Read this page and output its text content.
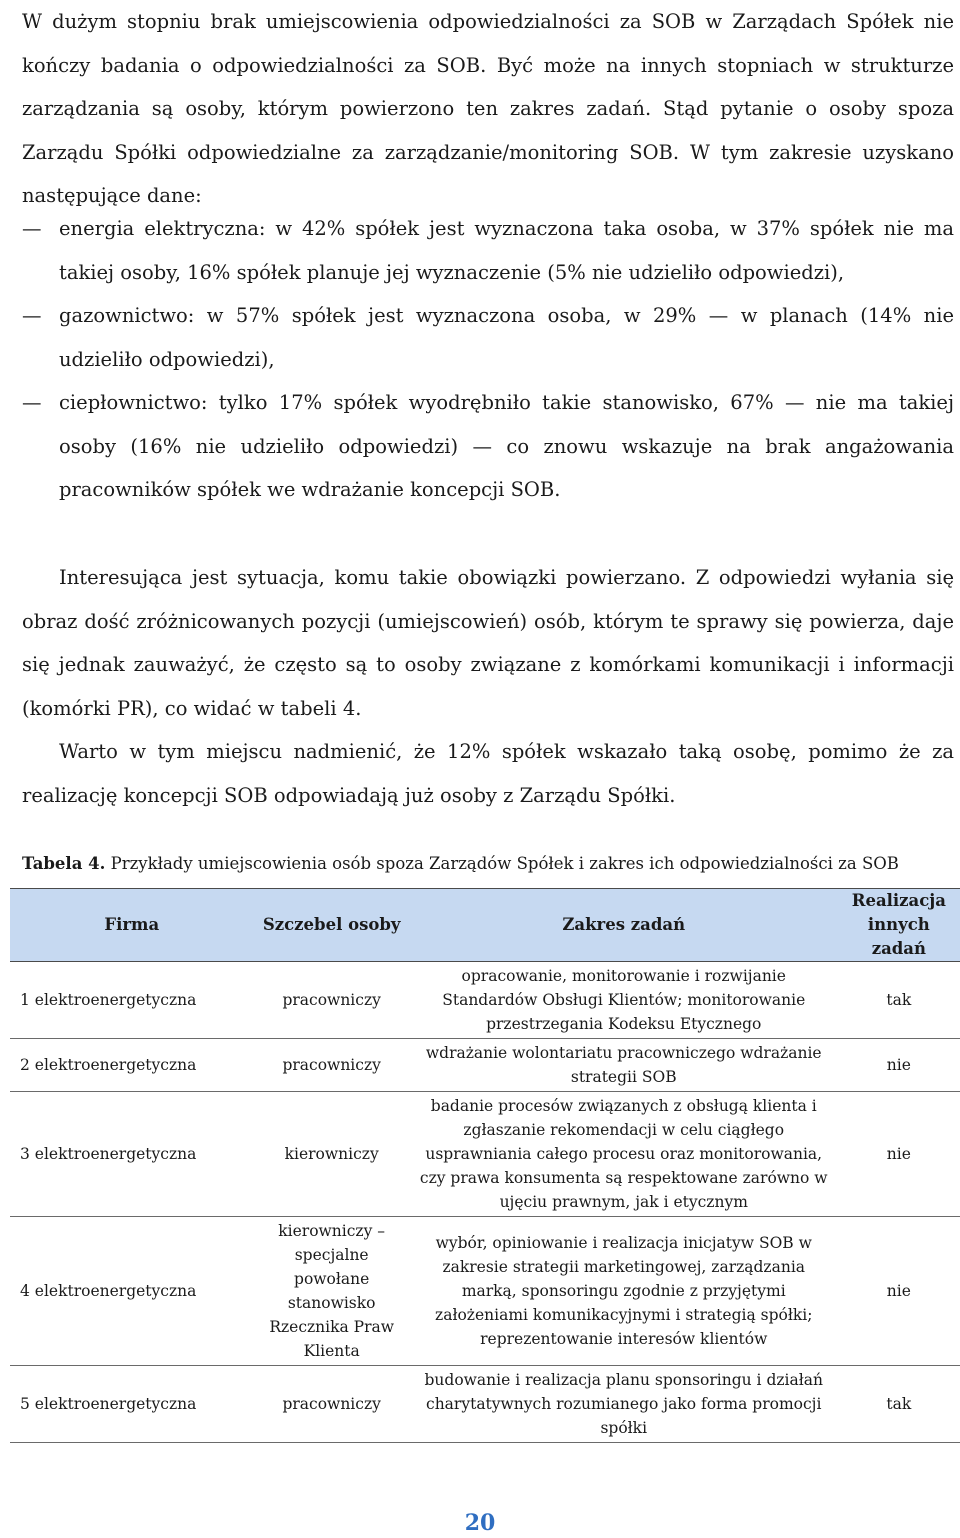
W dużym stopniu brak umiejscowienia odpowiedzialności za SOB w Zarządach Spółek nie kończy badania o odpowiedzialności za SOB. Być może na innych stopniach w strukturze zarządzania są osoby, którym powierzono ten zakres zadań. Stąd pytanie o osoby spoza Zarządu Spółki odpowiedzialne za zarządzanie/monitoring SOB. W tym zakresie uzyskano następujące dane:

— energia elektryczna: w 42% spółek jest wyznaczona taka osoba, w 37% spółek nie ma takiej osoby, 16% spółek planuje jej wyznaczenie (5% nie udzieliło odpowiedzi),
— gazownictwo: w 57% spółek jest wyznaczona osoba, w 29% — w planach (14% nie udzieliło odpowiedzi),
— ciepłownictwo: tylko 17% spółek wyodrębniło takie stanowisko, 67% — nie ma takiej osoby (16% nie udzieliło odpowiedzi) — co znowu wskazuje na brak angażowania pracowników spółek we wdrażanie koncepcji SOB.

Interesująca jest sytuacja, komu takie obowiązki powierzano. Z odpowiedzi wyłania się obraz dość zróżnicowanych pozycji (umiejscowień) osób, którym te sprawy się powierza, daje się jednak zauważyć, że często są to osoby związane z komórkami komunikacji i informacji (komórki PR), co widać w tabeli 4.

Warto w tym miejscu nadmienić, że 12% spółek wskazało taką osobę, pomimo że za realizację koncepcji SOB odpowiadają już osoby z Zarządu Spółki.

Tabela 4. Przykłady umiejscowienia osób spoza Zarządów Spółek i zakres ich odpowiedzialności za SOB
Firma	Szczebel osoby	Zakres zadań	Realizacja innych zadań
1 elektroenergetyczna	pracowniczy	opracowanie, monitorowanie i rozwijanie Standardów Obsługi Klientów; monitorowanie przestrzegania Kodeksu Etycznego	tak
2 elektroenergetyczna	pracowniczy	wdrażanie wolontariatu pracowniczego wdrażanie strategii SOB	nie
3 elektroenergetyczna	kierowniczy	badanie procesów związanych z obsługą klienta i zgłaszanie rekomendacji w celu ciągłego usprawniania całego procesu oraz monitorowania, czy prawa konsumenta są respektowane zarówno w ujęciu prawnym, jak i etycznym	nie
4 elektroenergetyczna	kierowniczy – specjalne powołane stanowisko Rzecznika Praw Klienta	wybór, opiniowanie i realizacja inicjatyw SOB w zakresie strategii marketingowej, zarządzania marką, sponsoringu zgodnie z przyjętymi założeniami komunikacyjnymi i strategią spółki; reprezentowanie interesów klientów	nie
5 elektroenergetyczna	pracowniczy	budowanie i realizacja planu sponsoringu i działań charytatywnych rozumianego jako forma promocji spółki	tak
20
